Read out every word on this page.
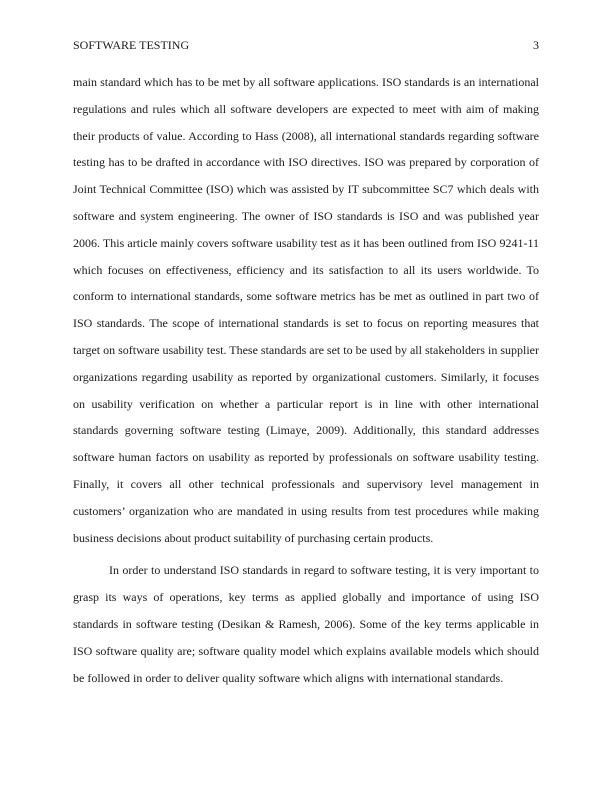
SOFTWARE TESTING	3

main standard which has to be met by all software applications. ISO standards is an international regulations and rules which all software developers are expected to meet with aim of making their products of value. According to Hass (2008), all international standards regarding software testing has to be drafted in accordance with ISO directives. ISO was prepared by corporation of Joint Technical Committee (ISO) which was assisted by IT subcommittee SC7 which deals with software and system engineering. The owner of ISO standards is ISO and was published year 2006. This article mainly covers software usability test as it has been outlined from ISO 9241-11 which focuses on effectiveness, efficiency and its satisfaction to all its users worldwide. To conform to international standards, some software metrics has be met as outlined in part two of ISO standards. The scope of international standards is set to focus on reporting measures that target on software usability test. These standards are set to be used by all stakeholders in supplier organizations regarding usability as reported by organizational customers. Similarly, it focuses on usability verification on whether a particular report is in line with other international standards governing software testing (Limaye, 2009). Additionally, this standard addresses software human factors on usability as reported by professionals on software usability testing. Finally, it covers all other technical professionals and supervisory level management in customers’ organization who are mandated in using results from test procedures while making business decisions about product suitability of purchasing certain products.

In order to understand ISO standards in regard to software testing, it is very important to grasp its ways of operations, key terms as applied globally and importance of using ISO standards in software testing (Desikan & Ramesh, 2006). Some of the key terms applicable in ISO software quality are; software quality model which explains available models which should be followed in order to deliver quality software which aligns with international standards.
